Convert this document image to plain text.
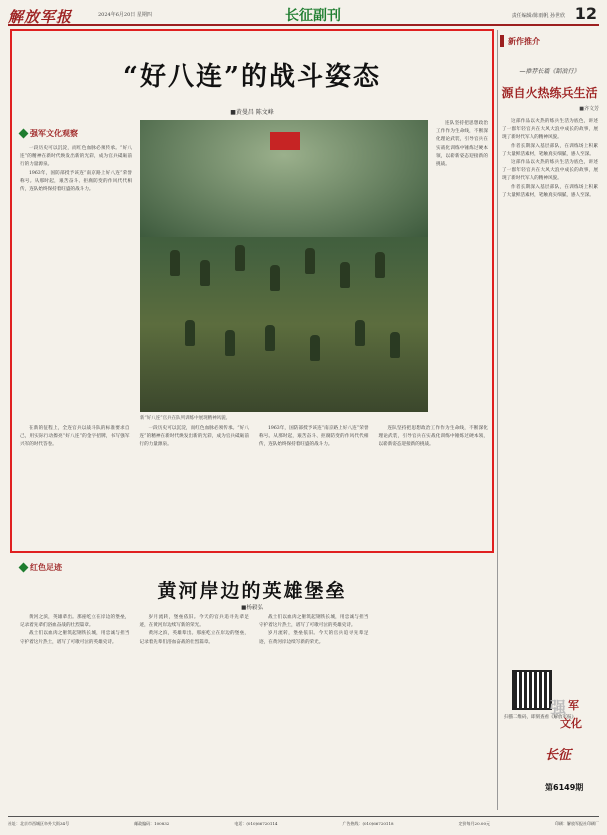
解放军报	2024年6月20日 星期四	长征副刊	责任编辑/陈雨帆 孙世欣 12
“好八连”的战斗姿态
■黄曼昌 陈文峰
新“好八连”官兵在队列训练中展现精神风貌。
强军文化观察

一段历史可以沉淀，而红色血脉必须传承。“好八连”的精神在新时代焕发出新的光彩，成为官兵砥砺前行的力量源泉。

1963年，国防部授予该连“南京路上好八连”荣誉称号。从那时起，艰苦奋斗、拒腐防变的作风代代相传，连队始终保持着旺盛的战斗力。

连队坚持把思想政治工作作为生命线，不断深化理论武装，引导官兵在实战化训练中锤炼过硬本领，以崭新姿态迎接新的挑战。

在新的征程上，全连官兵以战斗队的标准要求自己，用实际行动擦亮“好八连”的金字招牌，书写强军兴军的时代答卷。

一段历史可以沉淀，而红色血脉必须传承。“好八连”的精神在新时代焕发出新的光彩，成为官兵砥砺前行的力量源泉。

1963年，国防部授予该连“南京路上好八连”荣誉称号。从那时起，艰苦奋斗、拒腐防变的作风代代相传，连队始终保持着旺盛的战斗力。

连队坚持把思想政治工作作为生命线，不断深化理论武装，引导官兵在实战化训练中锤炼过硬本领，以崭新姿态迎接新的挑战。

红色足迹
黄河岸边的英雄堡垒
■杨毅弘

黄河之滨，英雄辈出。那座屹立在岸边的堡垒，记录着先辈们浴血奋战的壮烈篇章。

战士们以血肉之躯筑起钢铁长城，用忠诚与担当守护着这片热土，谱写了可歌可泣的英雄史诗。

岁月流转，堡垒依旧。今天的官兵追寻先辈足迹，在黄河岸边续写新的荣光。

黄河之滨，英雄辈出。那座屹立在岸边的堡垒，记录着先辈们浴血奋战的壮烈篇章。

战士们以血肉之躯筑起钢铁长城，用忠诚与担当守护着这片热土，谱写了可歌可泣的英雄史诗。

岁月流转，堡垒依旧。今天的官兵追寻先辈足迹，在黄河岸边续写新的荣光。

新作推介
—推荐长篇《蹈浪行》
源自火热练兵生活
■齐文芳

这部作品以火热的练兵生活为底色，讲述了一群年轻官兵在大风大浪中成长的故事，展现了新时代军人的精神风貌。

作者长期深入基层部队，在训练场上积累了大量鲜活素材，笔触真实细腻，感人至深。

这部作品以火热的练兵生活为底色，讲述了一群年轻官兵在大风大浪中成长的故事，展现了新时代军人的精神风貌。

作者长期深入基层部队，在训练场上积累了大量鲜活素材，笔触真实细腻，感人至深。

扫描二维码，即刻查看《解放军报》
强 军
文化
长征
第6149期
社址：北京市西城区阜外大街34号	邮政编码：100832	电话：(010)66720114	广告热线：(010)66720118	定价每月20.00元	印刷：解放军报社印刷厂
